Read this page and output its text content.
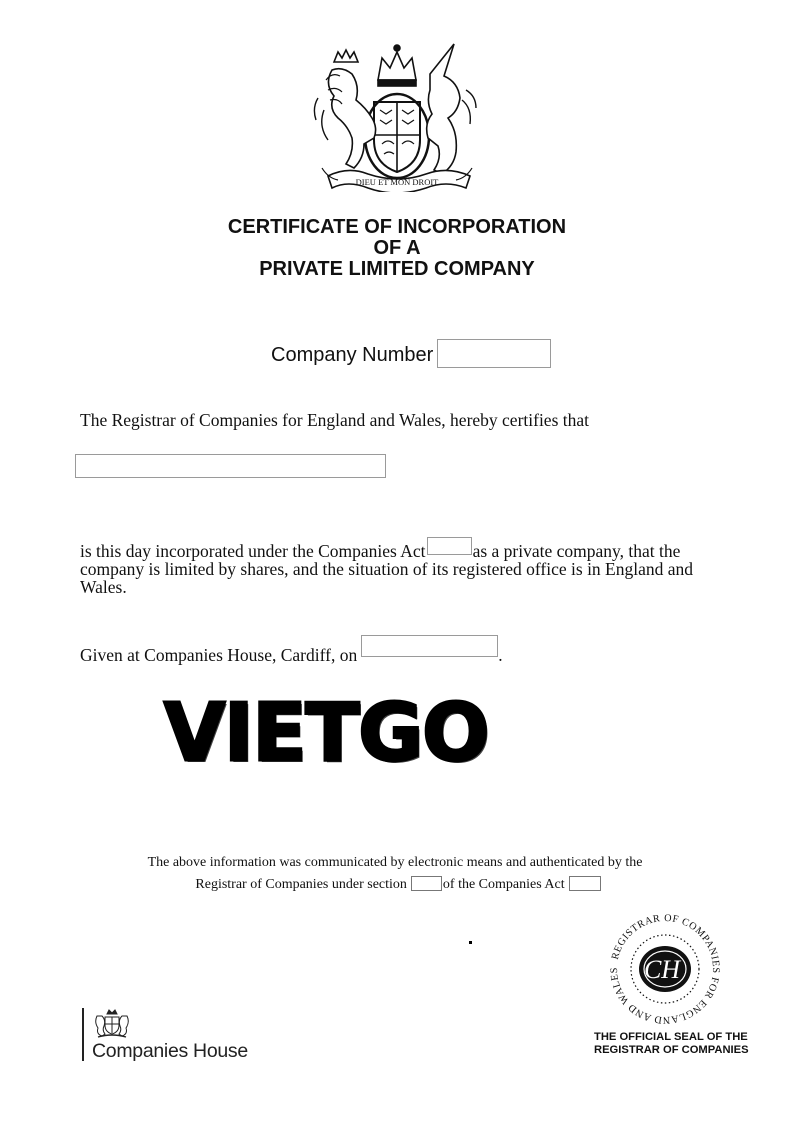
DIEU ET MON DROIT
CERTIFICATE OF INCORPORATION
OF A
PRIVATE LIMITED COMPANY
Company Number
The Registrar of Companies for England and Wales, hereby certifies that
is this day incorporated under the Companies Act	as a private company, that the company is limited by shares, and the situation of its registered office is in England and Wales.
Given at Companies House, Cardiff, on	.
VIETGO
The above information was communicated by electronic means and authenticated by the
Registrar of Companies under section	of the Companies Act
REGISTRAR OF COMPANIES FOR ENGLAND AND WALES CH
THE OFFICIAL SEAL OF THE
REGISTRAR OF COMPANIES
Companies House
